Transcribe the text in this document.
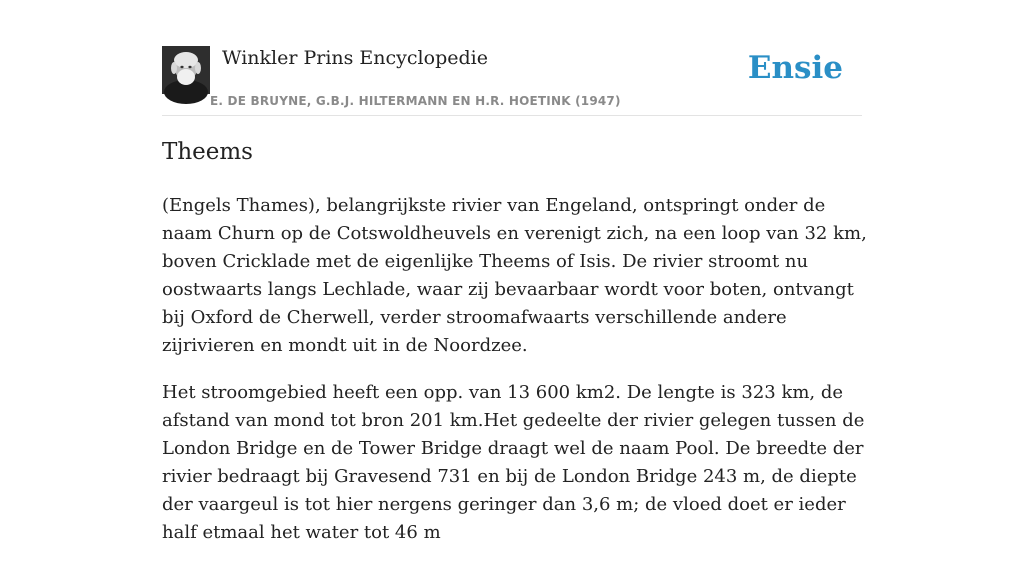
Winkler Prins Encyclopedie
E. DE BRUYNE, G.B.J. HILTERMANN EN H.R. HOETINK (1947)
Ensie
Theems

(Engels Thames), belangrijkste rivier van Engeland, ontspringt onder de naam Churn op de Cotswoldheuvels en verenigt zich, na een loop van 32 km, boven Cricklade met de eigenlijke Theems of Isis. De rivier stroomt nu oostwaarts langs Lechlade, waar zij bevaarbaar wordt voor boten, ontvangt bij Oxford de Cherwell, verder stroomafwaarts verschillende andere zijrivieren en mondt uit in de Noordzee.

Het stroomgebied heeft een opp. van 13 600 km2. De lengte is 323 km, de afstand van mond tot bron 201 km.Het gedeelte der rivier gelegen tussen de London Bridge en de Tower Bridge draagt wel de naam Pool. De breedte der rivier bedraagt bij Gravesend 731 en bij de London Bridge 243 m, de diepte der vaargeul is tot hier nergens geringer dan 3,6 m; de vloed doet er ieder half etmaal het water tot 46 m
